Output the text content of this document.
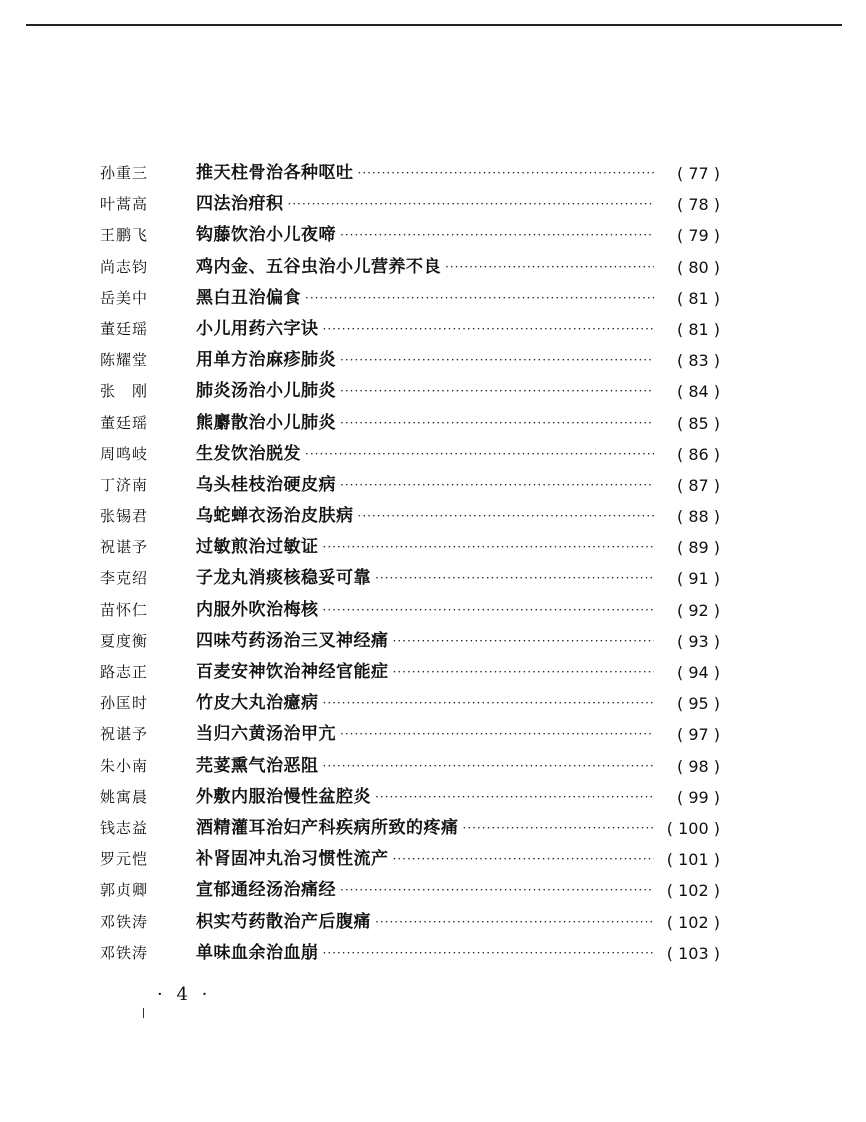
孙重三	推天柱骨治各种呕吐 ·····	( 77 )
叶蒿高	四法治疳积 ·····	( 78 )
王鹏飞	钩藤饮治小儿夜啼 ·····	( 79 )
尚志钧	鸡内金、五谷虫治小儿营养不良 ·····	( 80 )
岳美中	黑白丑治偏食 ·····	( 81 )
董廷瑶	小儿用药六字诀 ·····	( 81 )
陈耀堂	用单方治麻疹肺炎 ·····	( 83 )
张　刚	肺炎汤治小儿肺炎 ·····	( 84 )
董廷瑶	熊麝散治小儿肺炎 ·····	( 85 )
周鸣岐	生发饮治脱发 ·····	( 86 )
丁济南	乌头桂枝治硬皮病 ·····	( 87 )
张锡君	乌蛇蝉衣汤治皮肤病 ·····	( 88 )
祝谌予	过敏煎治过敏证 ·····	( 89 )
李克绍	子龙丸消痰核稳妥可靠 ·····	( 91 )
苗怀仁	内服外吹治梅核 ·····	( 92 )
夏度衡	四味芍药汤治三叉神经痛 ·····	( 93 )
路志正	百麦安神饮治神经官能症 ·····	( 94 )
孙匡时	竹皮大丸治癔病 ·····	( 95 )
祝谌予	当归六黄汤治甲亢 ·····	( 97 )
朱小南	芫荽熏气治恶阻 ·····	( 98 )
姚寓晨	外敷内服治慢性盆腔炎 ·····	( 99 )
钱志益	酒精灌耳治妇产科疾病所致的疼痛 ·····	( 100 )
罗元恺	补肾固冲丸治习惯性流产 ·····	( 101 )
郭贞卿	宣郁通经汤治痛经 ·····	( 102 )
邓铁涛	枳实芍药散治产后腹痛 ·····	( 102 )
邓铁涛	单味血余治血崩 ·····	( 103 )
· 4 ·
